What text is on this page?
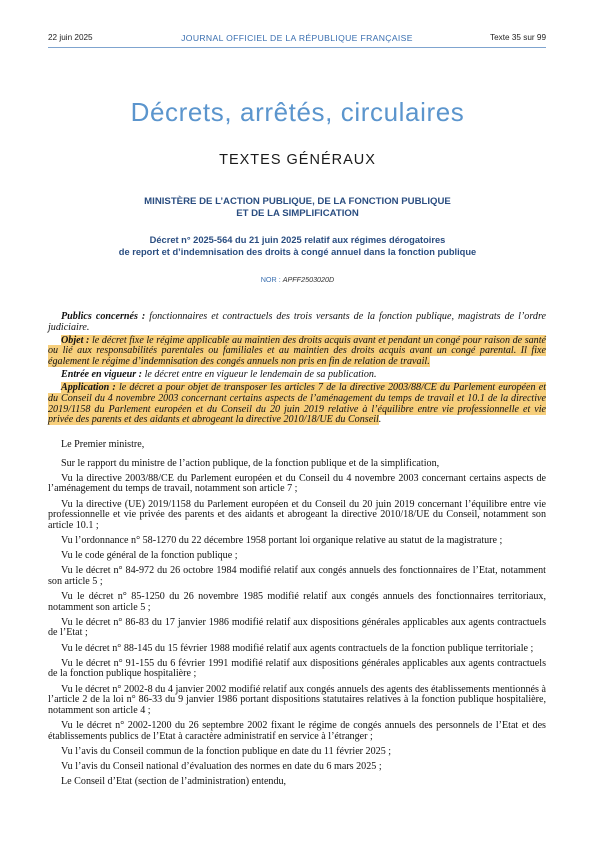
22 juin 2025	JOURNAL OFFICIEL DE LA RÉPUBLIQUE FRANÇAISE	Texte 35 sur 99
Décrets, arrêtés, circulaires
TEXTES GÉNÉRAUX
MINISTÈRE DE L’ACTION PUBLIQUE, DE LA FONCTION PUBLIQUE
ET DE LA SIMPLIFICATION
Décret n° 2025-564 du 21 juin 2025 relatif aux régimes dérogatoires
de report et d’indemnisation des droits à congé annuel dans la fonction publique
NOR : APFF2503020D

Publics concernés : fonctionnaires et contractuels des trois versants de la fonction publique, magistrats de l’ordre judiciaire.

Objet : le décret fixe le régime applicable au maintien des droits acquis avant et pendant un congé pour raison de santé ou lié aux responsabilités parentales ou familiales et au maintien des droits acquis avant un congé parental. Il fixe également le régime d’indemnisation des congés annuels non pris en fin de relation de travail.

Entrée en vigueur : le décret entre en vigueur le lendemain de sa publication.

Application : le décret a pour objet de transposer les articles 7 de la directive 2003/88/CE du Parlement européen et du Conseil du 4 novembre 2003 concernant certains aspects de l’aménagement du temps de travail et 10.1 de la directive 2019/1158 du Parlement européen et du Conseil du 20 juin 2019 relative à l’équilibre entre vie professionnelle et vie privée des parents et des aidants et abrogeant la directive 2010/18/UE du Conseil.

Le Premier ministre,

Sur le rapport du ministre de l’action publique, de la fonction publique et de la simplification,

Vu la directive 2003/88/CE du Parlement européen et du Conseil du 4 novembre 2003 concernant certains aspects de l’aménagement du temps de travail, notamment son article 7 ;

Vu la directive (UE) 2019/1158 du Parlement européen et du Conseil du 20 juin 2019 concernant l’équilibre entre vie professionnelle et vie privée des parents et des aidants et abrogeant la directive 2010/18/UE du Conseil, notamment son article 10.1 ;

Vu l’ordonnance n° 58-1270 du 22 décembre 1958 portant loi organique relative au statut de la magistrature ;

Vu le code général de la fonction publique ;

Vu le décret n° 84-972 du 26 octobre 1984 modifié relatif aux congés annuels des fonctionnaires de l’Etat, notamment son article 5 ;

Vu le décret n° 85-1250 du 26 novembre 1985 modifié relatif aux congés annuels des fonctionnaires territoriaux, notamment son article 5 ;

Vu le décret n° 86-83 du 17 janvier 1986 modifié relatif aux dispositions générales applicables aux agents contractuels de l’Etat ;

Vu le décret n° 88-145 du 15 février 1988 modifié relatif aux agents contractuels de la fonction publique territoriale ;

Vu le décret n° 91-155 du 6 février 1991 modifié relatif aux dispositions générales applicables aux agents contractuels de la fonction publique hospitalière ;

Vu le décret n° 2002-8 du 4 janvier 2002 modifié relatif aux congés annuels des agents des établissements mentionnés à l’article 2 de la loi n° 86-33 du 9 janvier 1986 portant dispositions statutaires relatives à la fonction publique hospitalière, notamment son article 4 ;

Vu le décret n° 2002-1200 du 26 septembre 2002 fixant le régime de congés annuels des personnels de l’Etat et des établissements publics de l’Etat à caractère administratif en service à l’étranger ;

Vu l’avis du Conseil commun de la fonction publique en date du 11 février 2025 ;

Vu l’avis du Conseil national d’évaluation des normes en date du 6 mars 2025 ;

Le Conseil d’Etat (section de l’administration) entendu,
